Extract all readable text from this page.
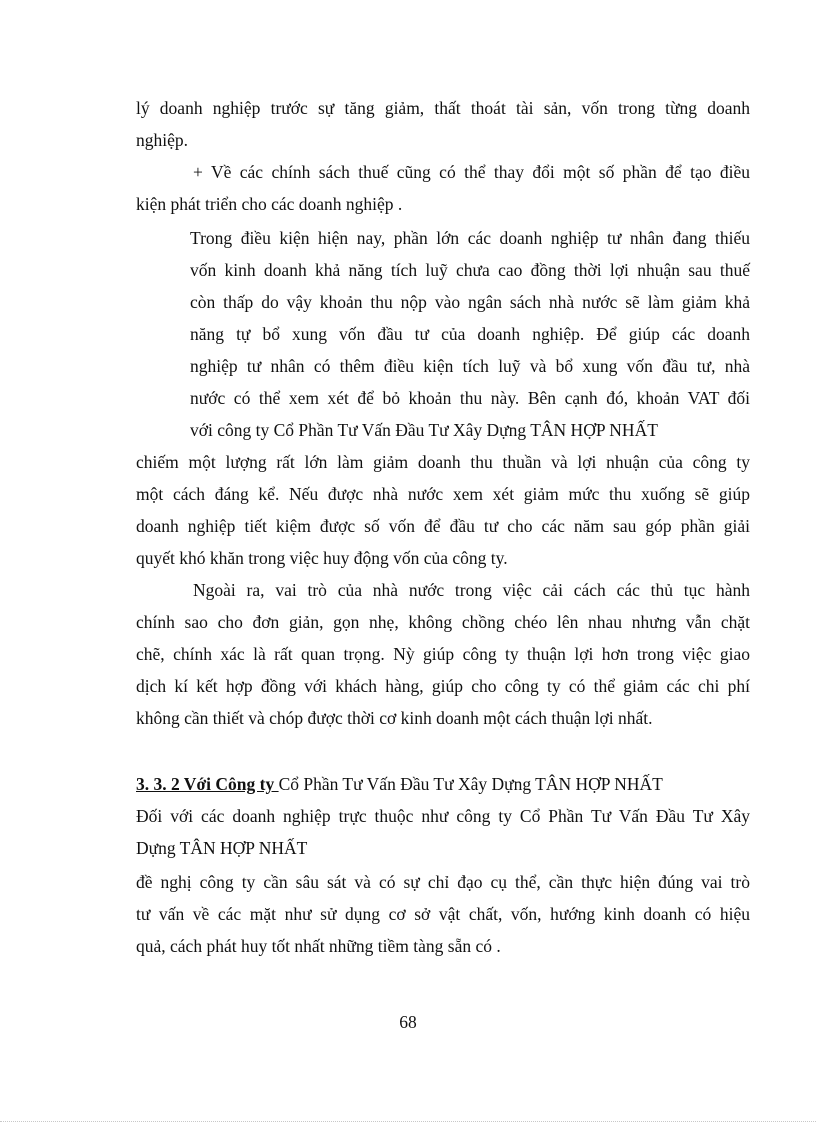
lý doanh nghiệp trước sự tăng giảm, thất thoát tài sản, vốn trong từng doanh
nghiệp.
+ Về các chính sách thuế cũng có thể thay đổi một số phần để tạo điều
kiện phát triển cho các doanh nghiệp .
Trong điều kiện hiện nay, phần lớn các doanh nghiệp tư nhân đang thiếu
vốn kinh doanh khả năng tích luỹ chưa cao đồng thời lợi nhuận sau thuế
còn thấp do vậy khoản thu nộp vào ngân sách nhà nước sẽ làm giảm khả
năng tự bổ xung vốn đầu tư của doanh nghiệp. Để giúp các doanh
nghiệp tư nhân có thêm điều kiện tích luỹ và bổ xung vốn đầu tư, nhà
nước có thể xem xét để bỏ khoản thu này. Bên cạnh đó, khoản VAT đối
với công ty Cổ Phần Tư Vấn Đầu Tư Xây Dựng TÂN HỢP NHẤT
chiếm một lượng rất lớn làm giảm doanh thu thuần và lợi nhuận của công ty
một cách đáng kể. Nếu được nhà nước xem xét giảm mức thu xuống sẽ giúp
doanh nghiệp tiết kiệm được số vốn để đầu tư cho các năm sau góp phần giải
quyết khó khăn trong việc huy động vốn của công ty.
Ngoài ra, vai trò của nhà nước trong việc cải cách các thủ tục hành
chính sao cho đơn giản, gọn nhẹ, không chồng chéo lên nhau nhưng vẫn chặt
chẽ, chính xác là rất quan trọng. Nỳ giúp công ty thuận lợi hơn trong việc giao
dịch kí kết hợp đồng với khách hàng, giúp cho công ty có thể giảm các chi phí
không cần thiết và chóp được thời cơ kinh doanh một cách thuận lợi nhất.
3. 3. 2 Với Công ty Cổ Phần Tư Vấn Đầu Tư Xây Dựng TÂN HỢP NHẤT
Đối với các doanh nghiệp trực thuộc như công ty Cổ Phần Tư Vấn Đầu Tư Xây
Dựng TÂN HỢP NHẤT
đề nghị công ty cần sâu sát và có sự chỉ đạo cụ thể, cần thực hiện đúng vai trò
tư vấn về các mặt như sử dụng cơ sở vật chất, vốn, hướng kinh doanh có hiệu
quả, cách phát huy tốt nhất những tiềm tàng sẵn có .
68
